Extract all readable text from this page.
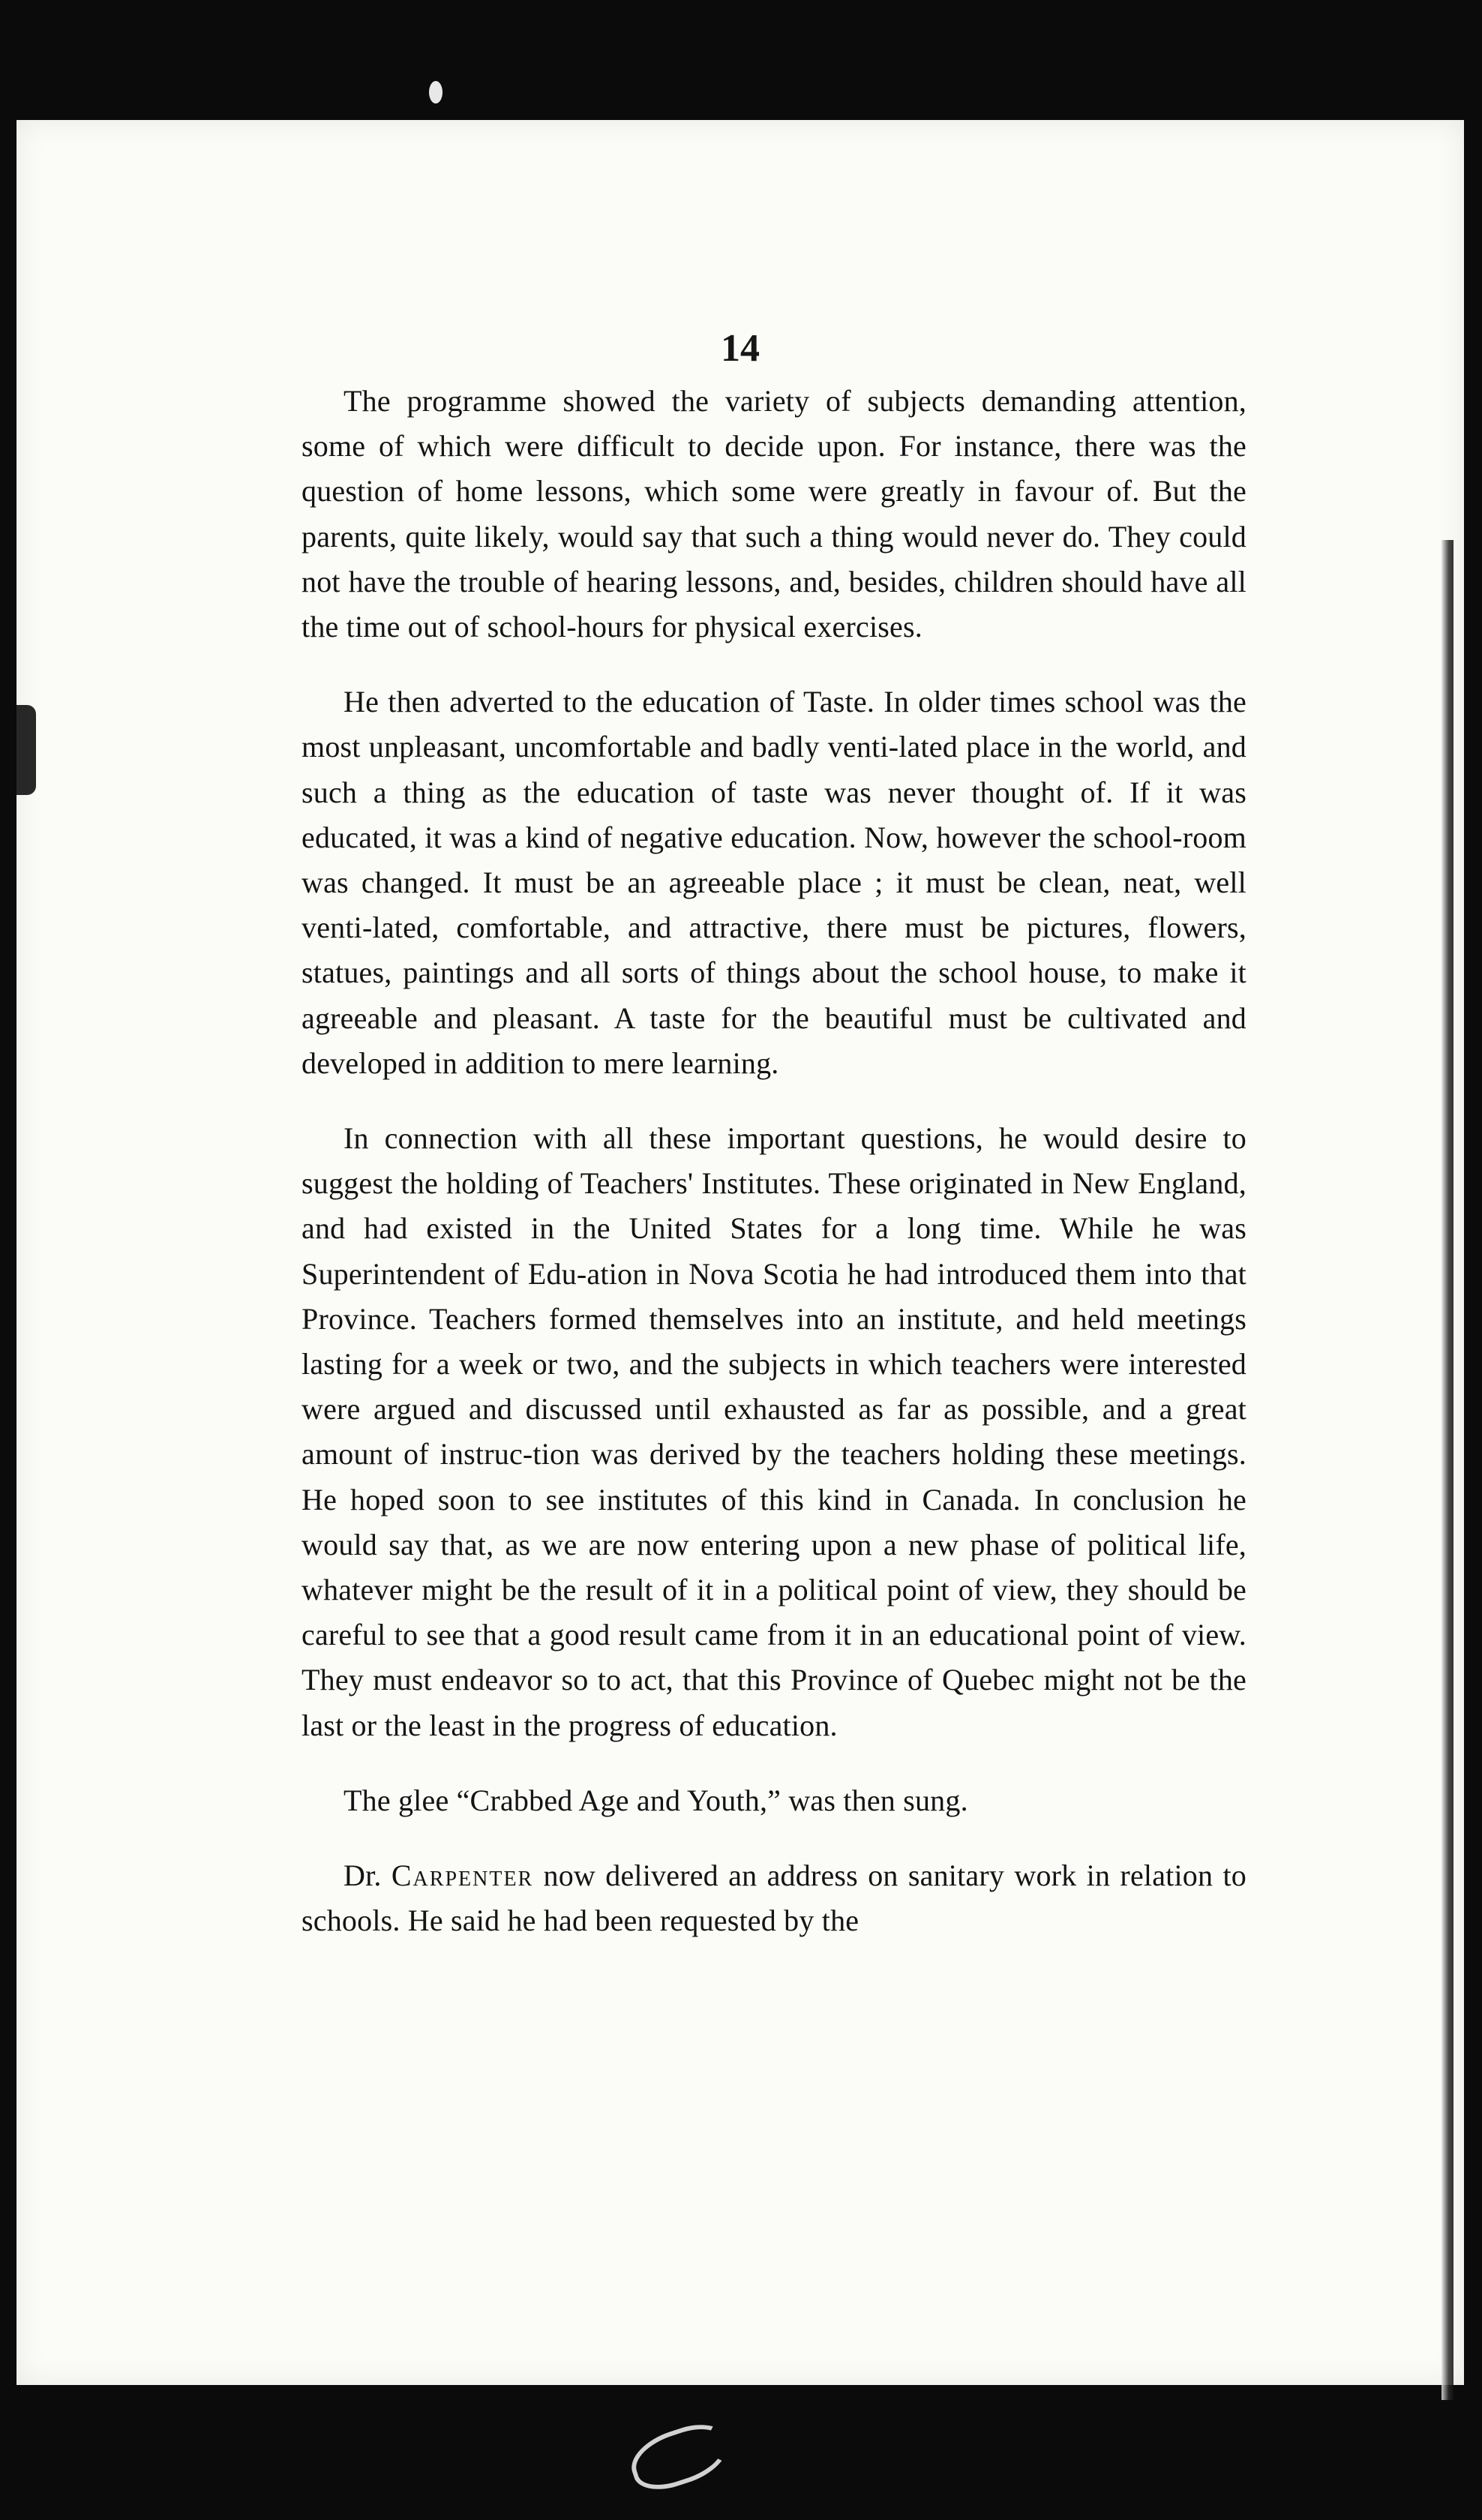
14

The programme showed the variety of subjects demanding attention, some of which were difficult to decide upon. For instance, there was the question of home lessons, which some were greatly in favour of. But the parents, quite likely, would say that such a thing would never do. They could not have the trouble of hearing lessons, and, besides, children should have all the time out of school-hours for physical exercises.

He then adverted to the education of Taste. In older times school was the most unpleasant, uncomfortable and badly venti-lated place in the world, and such a thing as the education of taste was never thought of. If it was educated, it was a kind of negative education. Now, however the school-room was changed. It must be an agreeable place ; it must be clean, neat, well venti-lated, comfortable, and attractive, there must be pictures, flowers, statues, paintings and all sorts of things about the school house, to make it agreeable and pleasant. A taste for the beautiful must be cultivated and developed in addition to mere learning.

In connection with all these important questions, he would desire to suggest the holding of Teachers' Institutes. These originated in New England, and had existed in the United States for a long time. While he was Superintendent of Edu-ation in Nova Scotia he had introduced them into that Province. Teachers formed themselves into an institute, and held meetings lasting for a week or two, and the subjects in which teachers were interested were argued and discussed until exhausted as far as possible, and a great amount of instruc-tion was derived by the teachers holding these meetings. He hoped soon to see institutes of this kind in Canada. In conclusion he would say that, as we are now entering upon a new phase of political life, whatever might be the result of it in a political point of view, they should be careful to see that a good result came from it in an educational point of view. They must endeavor so to act, that this Province of Quebec might not be the last or the least in the progress of education.

The glee “Crabbed Age and Youth,” was then sung.

Dr. Carpenter now delivered an address on sanitary work in relation to schools. He said he had been requested by the
